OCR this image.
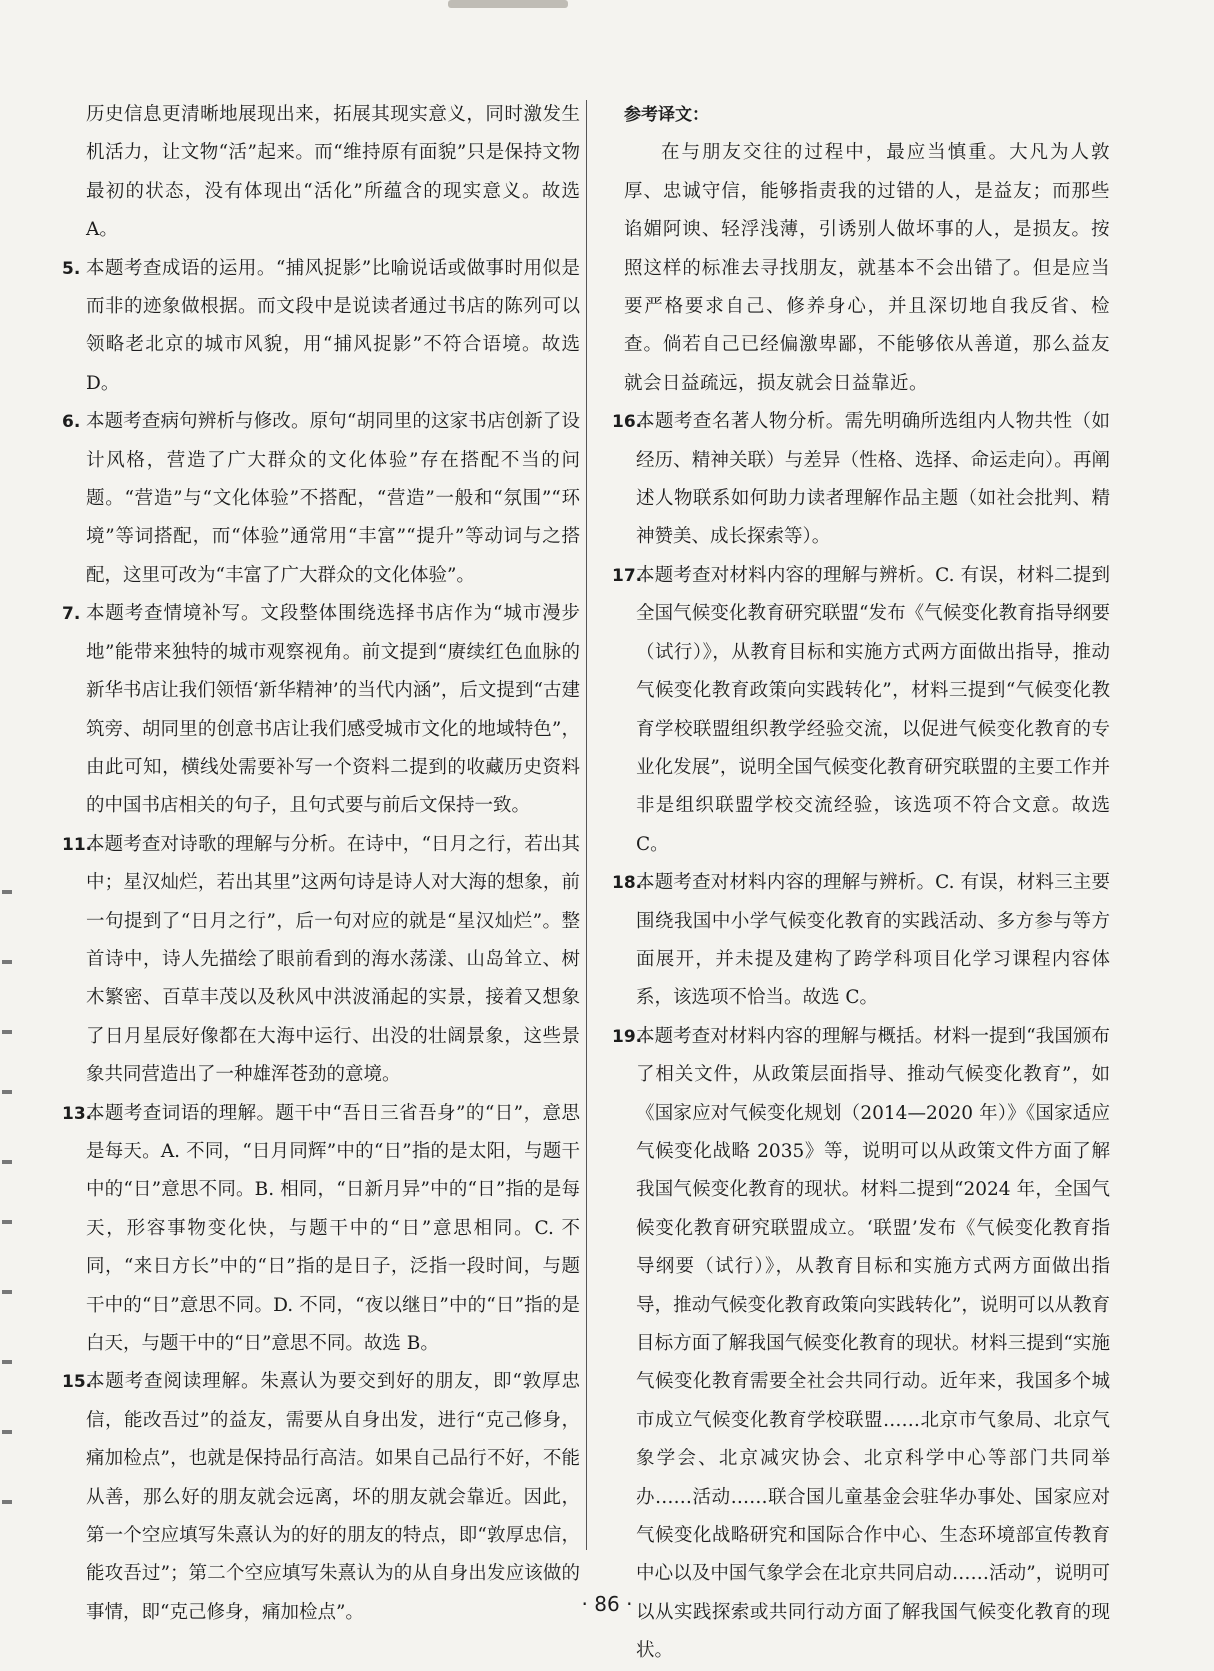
历史信息更清晰地展现出来，拓展其现实意义，同时激发生机活力，让文物“活”起来。而“维持原有面貌”只是保持文物最初的状态，没有体现出“活化”所蕴含的现实意义。故选 A。

5. 本题考查成语的运用。“捕风捉影”比喻说话或做事时用似是而非的迹象做根据。而文段中是说读者通过书店的陈列可以领略老北京的城市风貌，用“捕风捉影”不符合语境。故选 D。

6. 本题考查病句辨析与修改。原句“胡同里的这家书店创新了设计风格，营造了广大群众的文化体验”存在搭配不当的问题。“营造”与“文化体验”不搭配，“营造”一般和“氛围”“环境”等词搭配，而“体验”通常用“丰富”“提升”等动词与之搭配，这里可改为“丰富了广大群众的文化体验”。

7. 本题考查情境补写。文段整体围绕选择书店作为“城市漫步地”能带来独特的城市观察视角。前文提到“赓续红色血脉的新华书店让我们领悟‘新华精神’的当代内涵”，后文提到“古建筑旁、胡同里的创意书店让我们感受城市文化的地域特色”，由此可知，横线处需要补写一个资料二提到的收藏历史资料的中国书店相关的句子，且句式要与前后文保持一致。

11.
本题考查对诗歌的理解与分析。在诗中，“日月之行，若出其中；星汉灿烂，若出其里”这两句诗是诗人对大海的想象，前一句提到了“日月之行”，后一句对应的就是“星汉灿烂”。整首诗中，诗人先描绘了眼前看到的海水荡漾、山岛耸立、树木繁密、百草丰茂以及秋风中洪波涌起的实景，接着又想象了日月星辰好像都在大海中运行、出没的壮阔景象，这些景象共同营造出了一种雄浑苍劲的意境。

13.
本题考查词语的理解。题干中“吾日三省吾身”的“日”，意思是每天。A. 不同，“日月同辉”中的“日”指的是太阳，与题干中的“日”意思不同。B. 相同，“日新月异”中的“日”指的是每天，形容事物变化快，与题干中的“日”意思相同。C. 不同，“来日方长”中的“日”指的是日子，泛指一段时间，与题干中的“日”意思不同。D. 不同，“夜以继日”中的“日”指的是白天，与题干中的“日”意思不同。故选 B。

15.
本题考查阅读理解。朱熹认为要交到好的朋友，即“敦厚忠信，能改吾过”的益友，需要从自身出发，进行“克己修身，痛加检点”，也就是保持品行高洁。如果自己品行不好，不能从善，那么好的朋友就会远离，坏的朋友就会靠近。因此，第一个空应填写朱熹认为的好的朋友的特点，即“敦厚忠信，能攻吾过”；第二个空应填写朱熹认为的从自身出发应该做的事情，即“克己修身，痛加检点”。

参考译文：

在与朋友交往的过程中，最应当慎重。大凡为人敦厚、忠诚守信，能够指责我的过错的人，是益友；而那些谄媚阿谀、轻浮浅薄，引诱别人做坏事的人，是损友。按照这样的标准去寻找朋友，就基本不会出错了。但是应当要严格要求自己、修养身心，并且深切地自我反省、检查。倘若自己已经偏激卑鄙，不能够依从善道，那么益友就会日益疏远，损友就会日益靠近。

16.
本题考查名著人物分析。需先明确所选组内人物共性（如经历、精神关联）与差异（性格、选择、命运走向）。再阐述人物联系如何助力读者理解作品主题（如社会批判、精神赞美、成长探索等）。

17.
本题考查对材料内容的理解与辨析。C. 有误，材料二提到全国气候变化教育研究联盟“发布《气候变化教育指导纲要（试行）》，从教育目标和实施方式两方面做出指导，推动气候变化教育政策向实践转化”，材料三提到“气候变化教育学校联盟组织教学经验交流，以促进气候变化教育的专业化发展”，说明全国气候变化教育研究联盟的主要工作并非是组织联盟学校交流经验，该选项不符合文意。故选 C。

18.
本题考查对材料内容的理解与辨析。C. 有误，材料三主要围绕我国中小学气候变化教育的实践活动、多方参与等方面展开，并未提及建构了跨学科项目化学习课程内容体系，该选项不恰当。故选 C。

19.
本题考查对材料内容的理解与概括。材料一提到“我国颁布了相关文件，从政策层面指导、推动气候变化教育”，如《国家应对气候变化规划（2014—2020 年）》《国家适应气候变化战略 2035》等，说明可以从政策文件方面了解我国气候变化教育的现状。材料二提到“2024 年，全国气候变化教育研究联盟成立。‘联盟’发布《气候变化教育指导纲要（试行）》，从教育目标和实施方式两方面做出指导，推动气候变化教育政策向实践转化”，说明可以从教育目标方面了解我国气候变化教育的现状。材料三提到“实施气候变化教育需要全社会共同行动。近年来，我国多个城市成立气候变化教育学校联盟……北京市气象局、北京气象学会、北京减灾协会、北京科学中心等部门共同举办……活动……联合国儿童基金会驻华办事处、国家应对气候变化战略研究和国际合作中心、生态环境部宣传教育中心以及中国气象学会在北京共同启动……活动”，说明可以从实践探索或共同行动方面了解我国气候变化教育的现状。

· 86 ·
